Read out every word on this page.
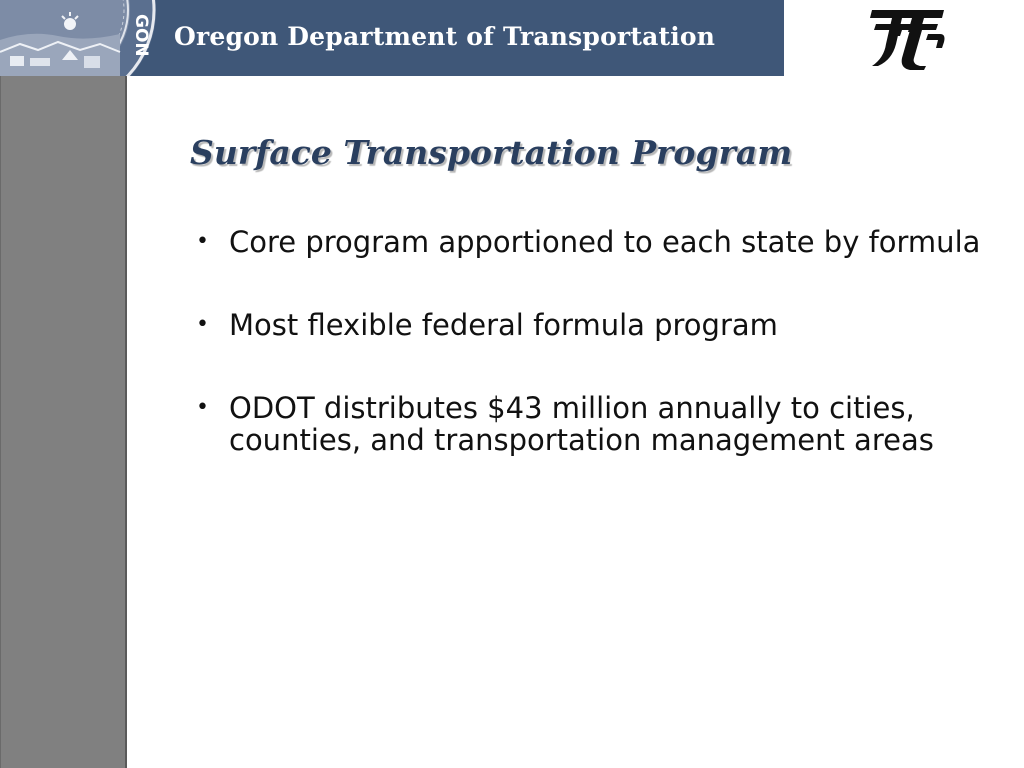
GON Oregon Department of Transportation
Surface Transportation Program
• Core program apportioned to each state by formula
• Most flexible federal formula program
• ODOT distributes $43 million annually to cities, counties, and transportation management areas
